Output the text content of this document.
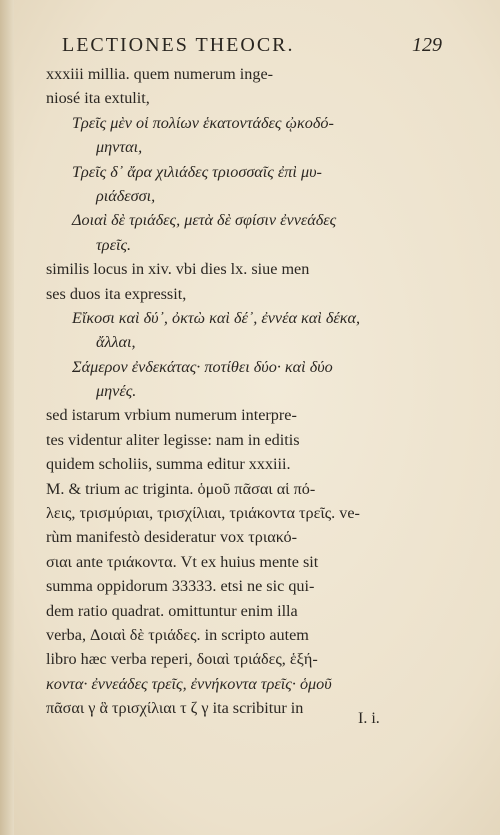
LECTIONES THEOCR.	129
xxxiii millia. quem numerum inge-
niosé ita extulit,
Τρεῖς μὲν οἱ πολίων ἑκατοντάδες ᾠκοδό-
μηνται,
Τρεῖς δ᾽ ἄρα χιλιάδες τριοσσαῖς ἐπὶ μυ-
ριάδεσσι,
Δοιαὶ δὲ τριάδες, μετὰ δὲ σφίσιν ἐννεάδες
τρεῖς.
similis locus in xiv. vbi dies lx. siue men
ses duos ita expressit,
Εἴκοσι καὶ δύ᾽, ὀκτὼ καὶ δέ᾽, ἐννέα καὶ δέκα,
ἄλλαι,
Σάμερον ἐνδεκάτας· ποτίθει δύο· καὶ δύο
μηνές.
sed istarum vrbium numerum interpre-
tes videntur aliter legisse: nam in editis
quidem scholiis, summa editur xxxiii.
M. & trium ac triginta. ὁμοῦ πᾶσαι αἱ πό-
λεις, τρισμύριαι, τρισχίλιαι, τριάκοντα τρεῖς. ve-
rùm manifestò desideratur vox τριακό-
σιαι ante τριάκοντα. Vt ex huius mente sit
summa oppidorum 33333. etsi ne sic qui-
dem ratio quadrat. omittuntur enim illa
verba, Δοιαὶ δὲ τριάδες. in scripto autem
libro hæc verba reperi, δοιαὶ τριάδες, ἑξή-
κοντα· ἐννεάδες τρεῖς, ἐννήκοντα τρεῖς· ὁμοῦ
πᾶσαι γ ἃ τρισχίλιαι τ ζ γ ita scribitur in
I. i.
